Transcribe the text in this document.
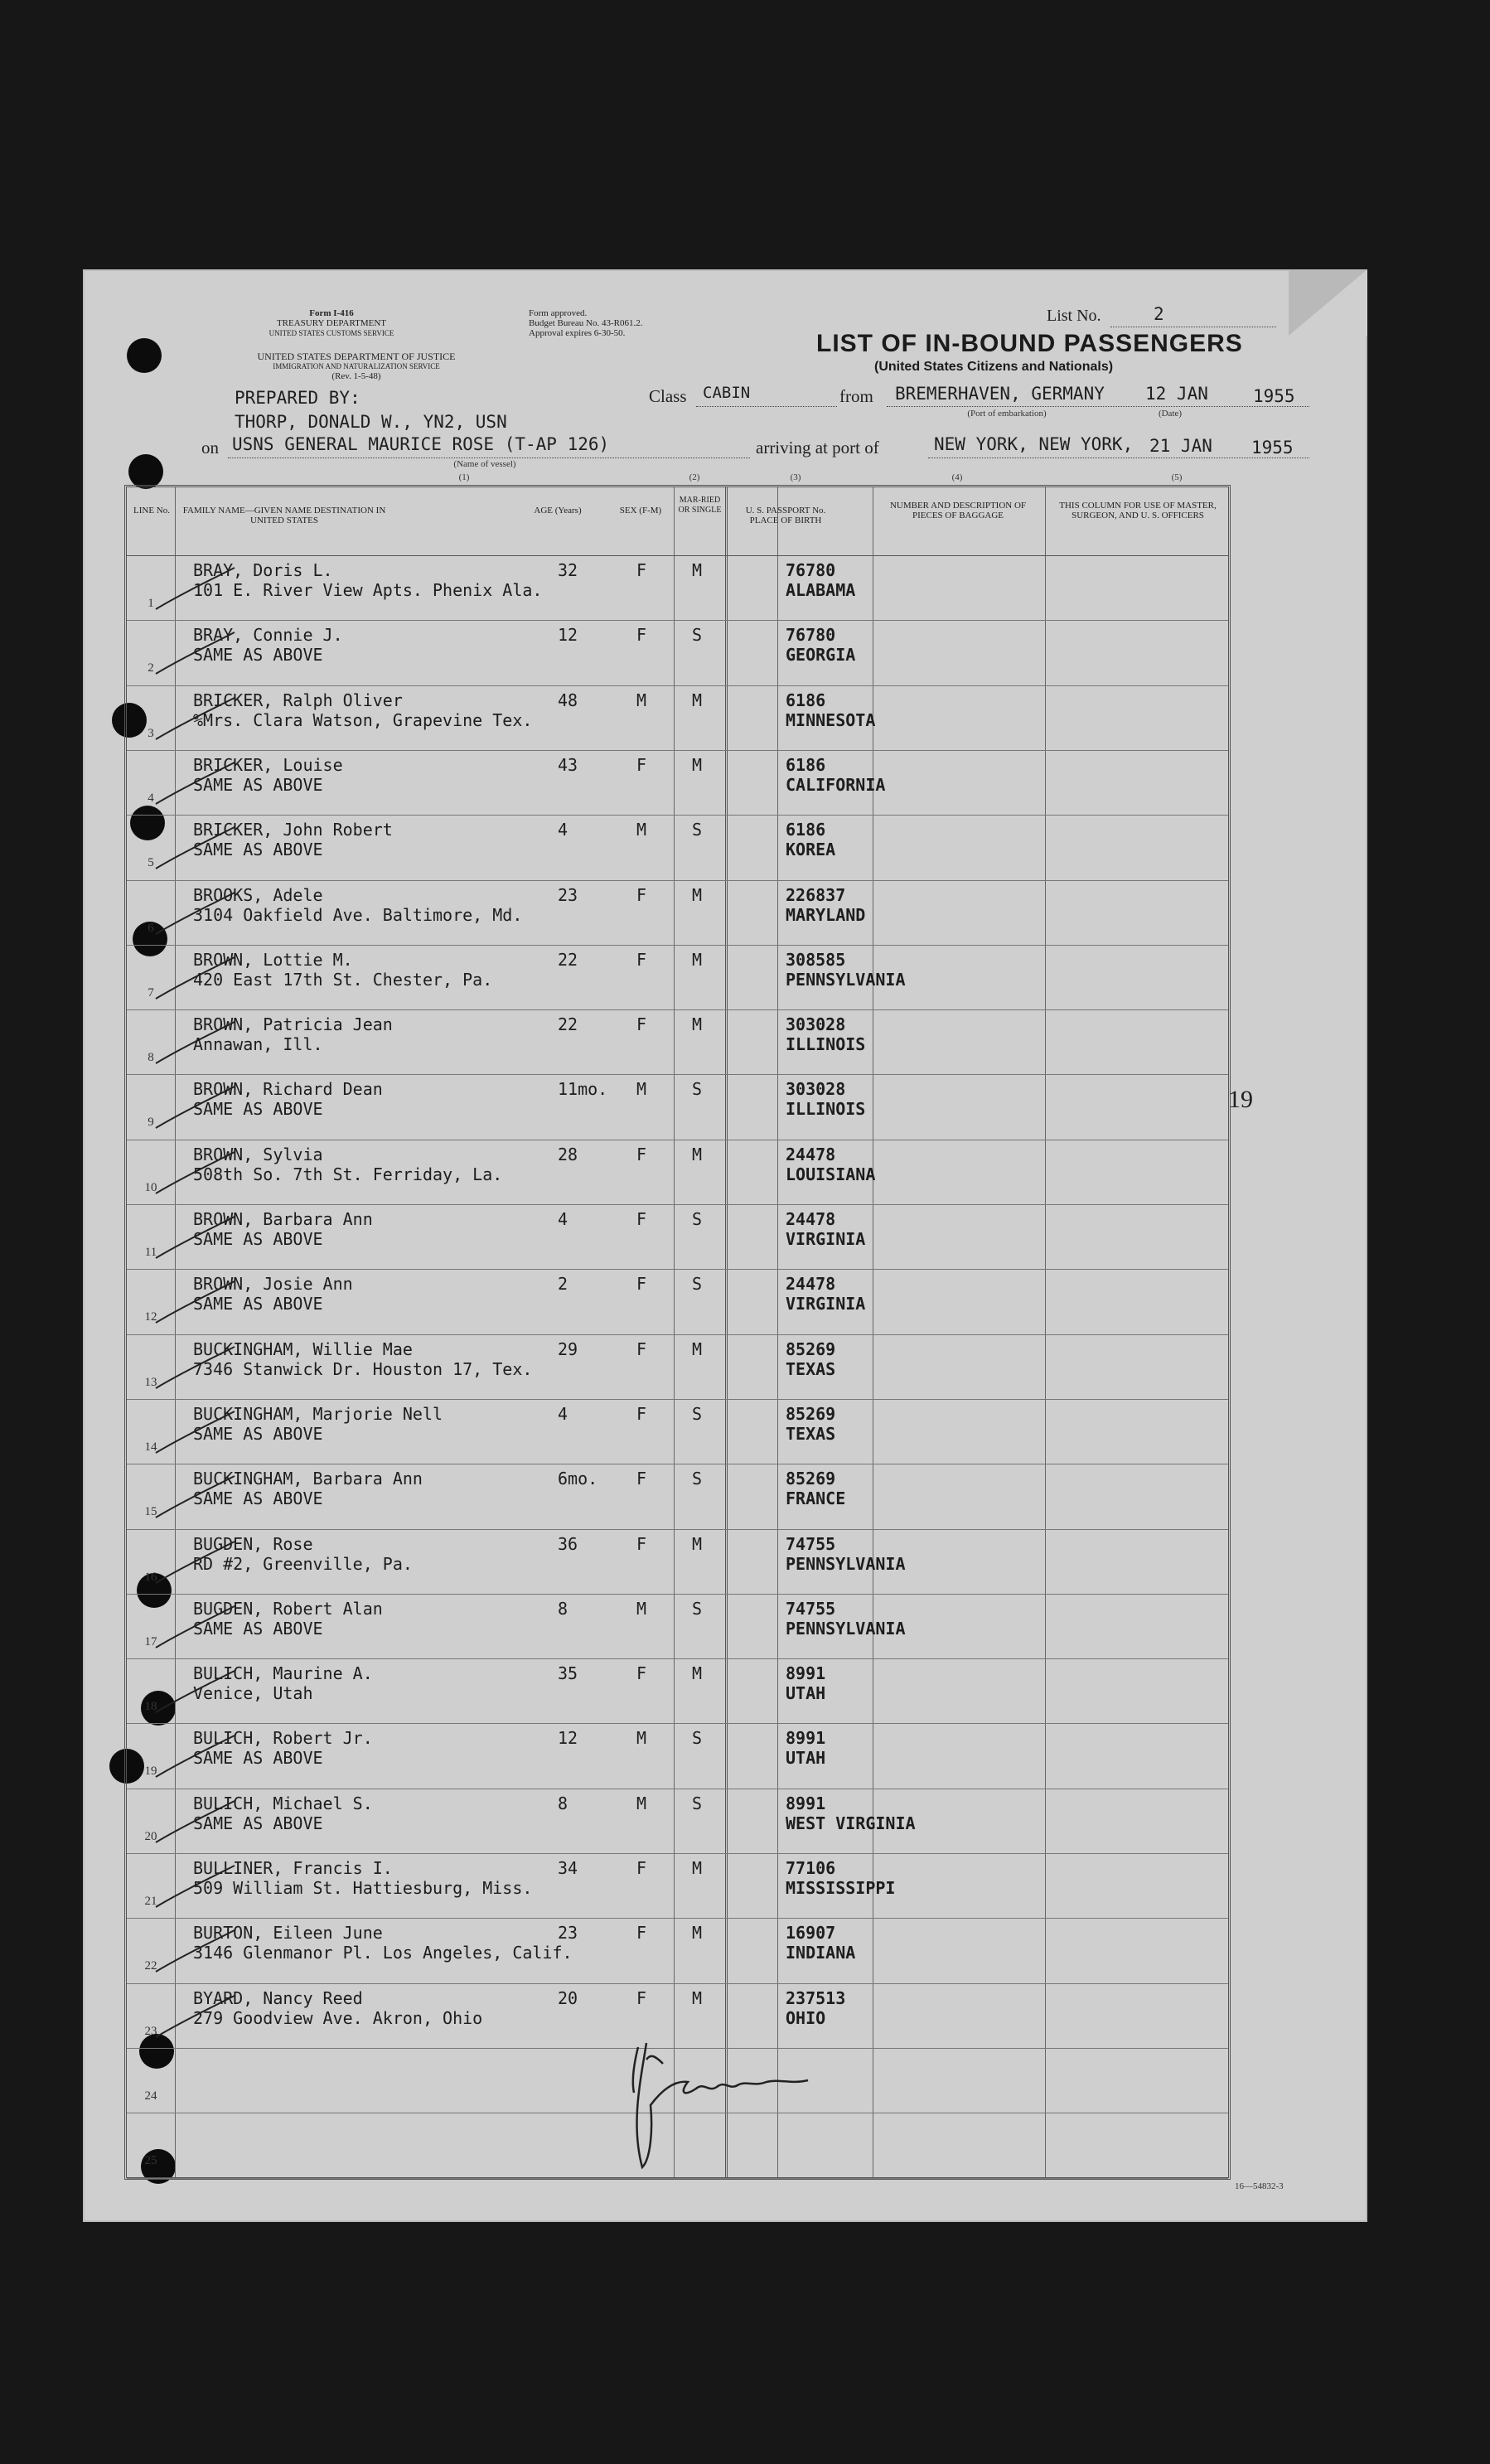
Form I-416
TREASURY DEPARTMENT
UNITED STATES CUSTOMS SERVICE
UNITED STATES DEPARTMENT OF JUSTICE
IMMIGRATION AND NATURALIZATION SERVICE
(Rev. 1-5-48)
Form approved.
Budget Bureau No. 43-R061.2.
Approval expires 6-30-50.
List No.	2
LIST OF IN-BOUND PASSENGERS
(United States Citizens and Nationals)
PREPARED BY:
THORP, DONALD W., YN2, USN
Class CABIN	from BREMERHAVEN, GERMANY 12 JAN	1955
(Port of embarkation)	(Date)
on USNS GENERAL MAURICE ROSE (T-AP 126)
(Name of vessel)
arriving at port of	NEW YORK, NEW YORK, 21 JAN 1955
(1)	(2)	(3)	(4)	(5)
LINE No.	FAMILY NAME—GIVEN NAME DESTINATION IN UNITED STATES
AGE (Years)	SEX (F-M)
MAR-RIED OR SINGLE	U. S. PASSPORT No. PLACE OF BIRTH
NUMBER AND DESCRIPTION OF PIECES OF BAGGAGE
THIS COLUMN FOR USE OF MASTER, SURGEON, AND U. S. OFFICERS
1
BRAY, Doris L.
101 E. River View Apts. Phenix Ala.
32	F	M	76780
ALABAMA
2
BRAY, Connie J.
SAME AS ABOVE
12	F	S	76780
GEORGIA
3
BRICKER, Ralph Oliver
%Mrs. Clara Watson, Grapevine Tex.
48	M	M	6186
MINNESOTA
4
BRICKER, Louise
SAME AS ABOVE
43	F	M	6186
CALIFORNIA
5
BRICKER, John Robert
SAME AS ABOVE
4	M	S	6186
KOREA
6
BROOKS, Adele
3104 Oakfield Ave. Baltimore, Md.
23	F	M	226837
MARYLAND
7
BROWN, Lottie M.
420 East 17th St. Chester, Pa.
22	F	M	308585
PENNSYLVANIA
8
BROWN, Patricia Jean
Annawan, Ill.
22	F	M	303028
ILLINOIS
9
BROWN, Richard Dean
SAME AS ABOVE
11mo. M	S	303028
ILLINOIS
10
BROWN, Sylvia
508th So. 7th St. Ferriday, La.
28	F	M	24478
LOUISIANA
11
BROWN, Barbara Ann
SAME AS ABOVE
4	F	S	24478
VIRGINIA
12
BROWN, Josie Ann
SAME AS ABOVE
2	F	S	24478
VIRGINIA
13
BUCKINGHAM, Willie Mae
7346 Stanwick Dr. Houston 17, Tex.
29	F	M	85269
TEXAS
14
BUCKINGHAM, Marjorie Nell
SAME AS ABOVE
4	F	S	85269
TEXAS
15
BUCKINGHAM, Barbara Ann
SAME AS ABOVE
6mo. F	S	85269
FRANCE
16
BUGDEN, Rose
RD #2, Greenville, Pa.
36	F	M	74755
PENNSYLVANIA
17
BUGDEN, Robert Alan
SAME AS ABOVE
8	M	S	74755
PENNSYLVANIA
18
BULICH, Maurine A.
Venice, Utah
35	F	M	8991
UTAH
19
BULICH, Robert Jr.
SAME AS ABOVE
12	M	S	8991
UTAH
20
BULICH, Michael S.
SAME AS ABOVE
8	M	S	8991
WEST VIRGINIA
21
BULLINER, Francis I.
509 William St. Hattiesburg, Miss.
34	F	M	77106
MISSISSIPPI
22
BURTON, Eileen June
3146 Glenmanor Pl. Los Angeles, Calif.
23	F	M	16907
INDIANA
23
BYARD, Nancy Reed
279 Goodview Ave. Akron, Ohio
20	F	M	237513
OHIO
24
25
19
16—54832-3
